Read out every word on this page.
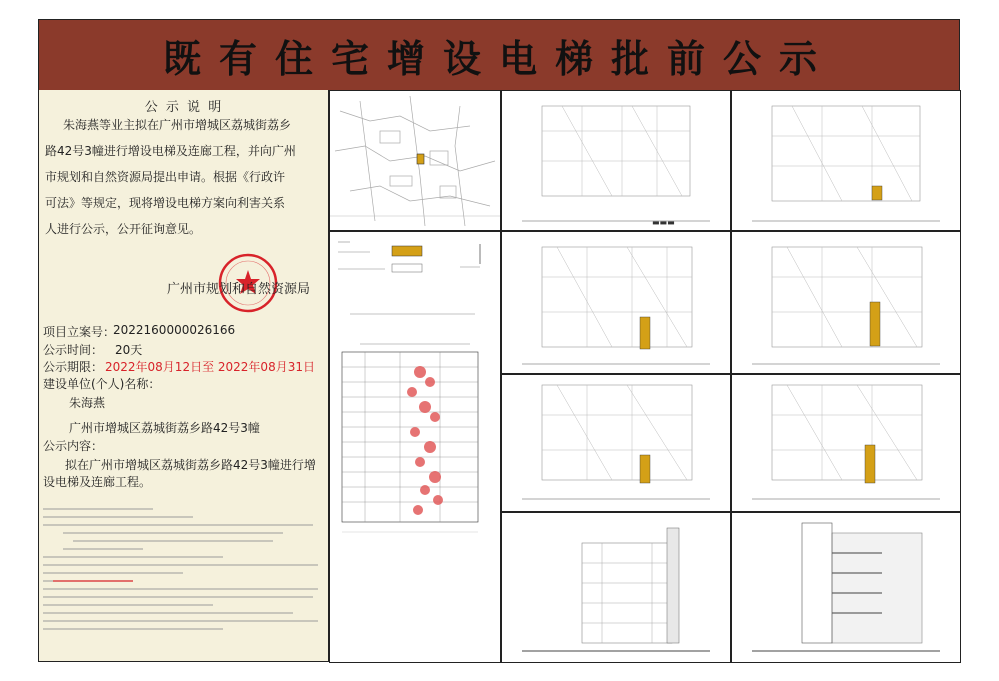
既有住宅增设电梯批前公示
公 示 说 明
朱海燕等业主拟在广州市增城区荔城街荔乡
路42号3幢进行增设电梯及连廊工程，并向广州
市规划和自然资源局提出申请。根据《行政许
可法》等规定，现将增设电梯方案向利害关系
人进行公示，公开征询意见。
广州市规划和自然资源局
项目立案号：
2022160000026166
公示时间： 20天
公示期限： 2022年08月12日至 2022年08月31日
建设单位(个人)名称：
朱海燕
广州市增城区荔城街荔乡路42号3幢
公示内容：
拟在广州市增城区荔城街荔乡路42号3幢进行增
设电梯及连廊工程。
▬▬▬
